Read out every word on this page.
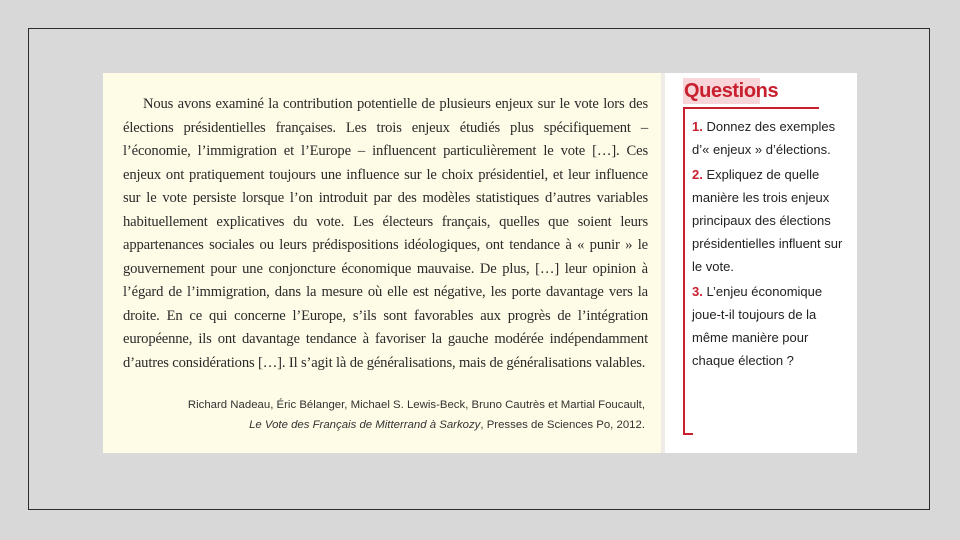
Nous avons examiné la contribution potentielle de plusieurs enjeux sur le vote lors des élections présidentielles françaises. Les trois enjeux étudiés plus spécifiquement – l’économie, l’immigration et l’Europe – influencent particulièrement le vote […]. Ces enjeux ont pratiquement toujours une influence sur le choix présidentiel, et leur influence sur le vote persiste lorsque l’on introduit par des modèles statistiques d’autres variables habituellement explicatives du vote. Les électeurs français, quelles que soient leurs appartenances sociales ou leurs prédispositions idéologiques, ont tendance à « punir » le gouvernement pour une conjoncture économique mauvaise. De plus, […] leur opinion à l’égard de l’immigration, dans la mesure où elle est négative, les porte davantage vers la droite. En ce qui concerne l’Europe, s’ils sont favorables aux progrès de l’intégration européenne, ils ont davantage tendance à favoriser la gauche modérée indépendamment d’autres considérations […]. Il s’agit là de généralisations, mais de généralisations valables.

Richard Nadeau, Éric Bélanger, Michael S. Lewis-Beck, Bruno Cautrès et Martial Foucault,
Le Vote des Français de Mitterrand à Sarkozy, Presses de Sciences Po, 2012.
Questions
1. Donnez des exemples d’« enjeux » d’élections.
2. Expliquez de quelle manière les trois enjeux principaux des élections présidentielles influent sur le vote.
3. L’enjeu économique joue-t-il toujours de la même manière pour chaque élection ?
